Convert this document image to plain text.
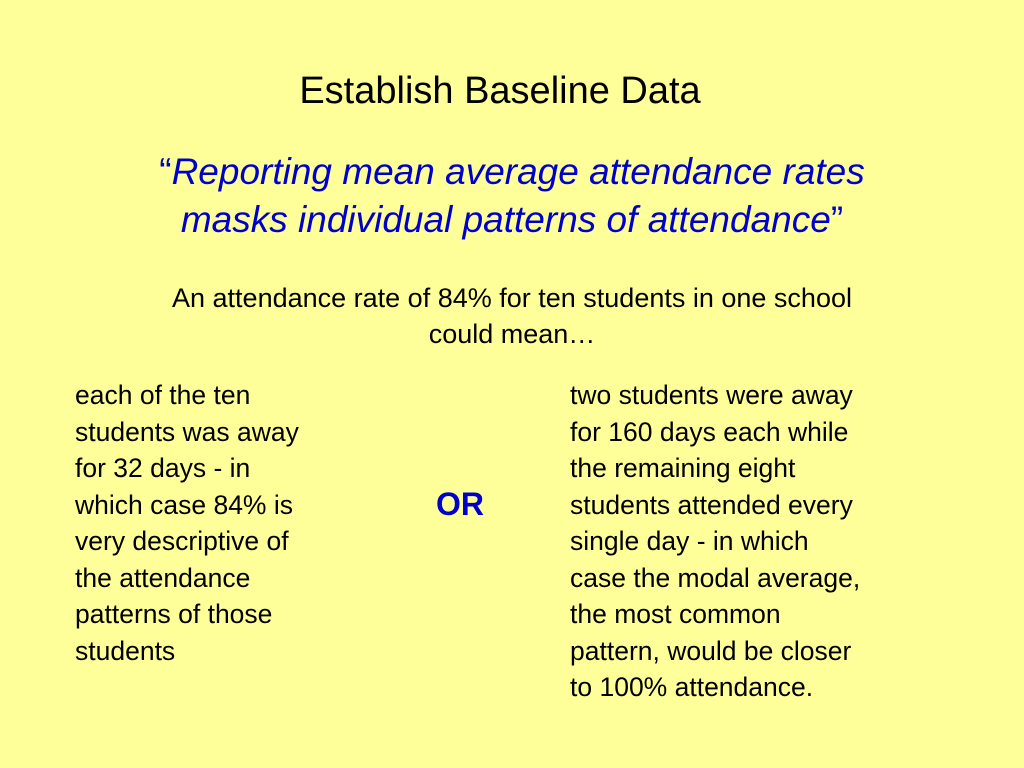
Establish Baseline Data
“Reporting mean average attendance rates
masks individual patterns of attendance”
An attendance rate of 84% for ten students in one school
could mean…
each of the ten
students was away
for 32 days - in
which case 84% is
very descriptive of
the attendance
patterns of those
students
OR
two students were away
for 160 days each while
the remaining eight
students attended every
single day - in which
case the modal average,
the most common
pattern, would be closer
to 100% attendance.
